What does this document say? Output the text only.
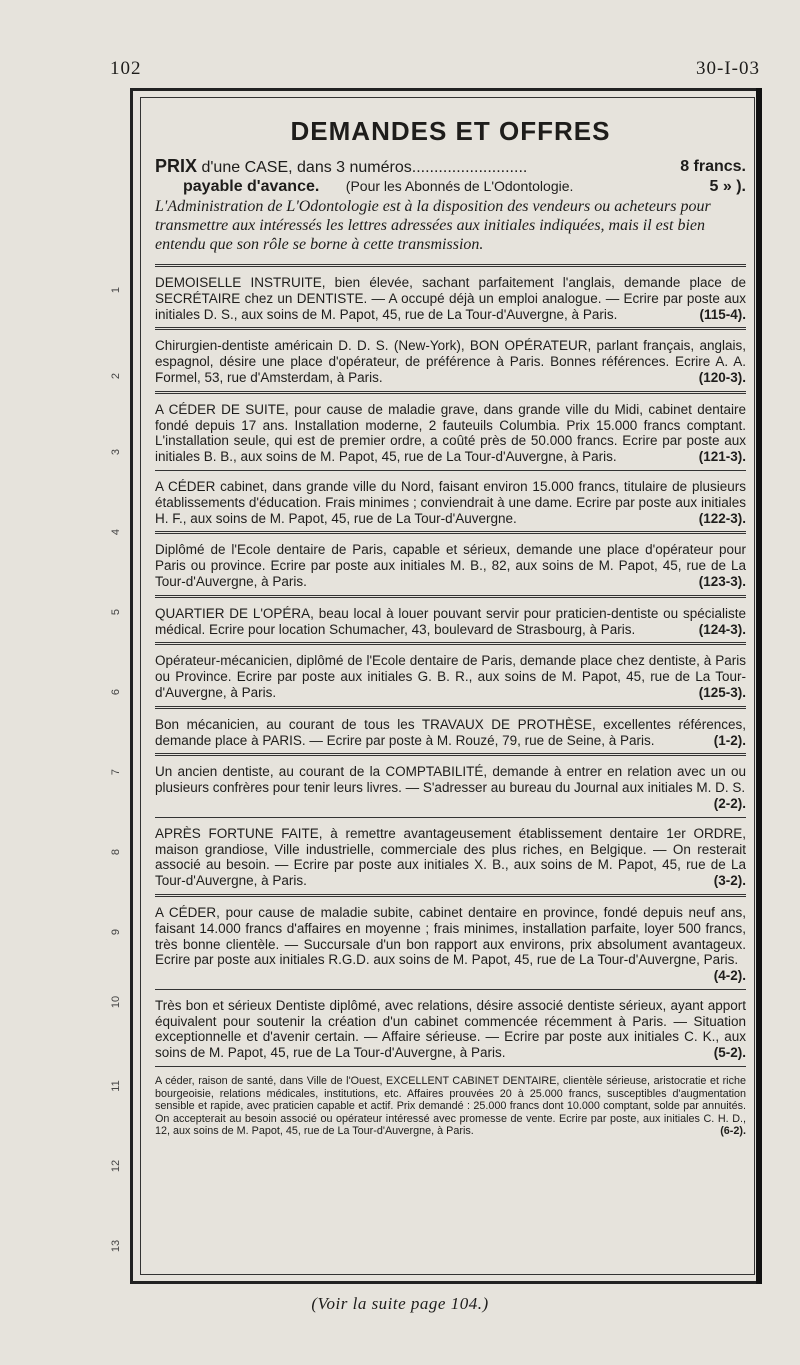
102	30-I-03
1
2
3
4
5
6
7
8
9
10
11
12
13
DEMANDES ET OFFRES
PRIX d'une CASE, dans 3 numéros..........................	8 francs.
payable d'avance. (Pour les Abonnés de L'Odontologie.	5 » ).
L'Administration de L'Odontologie est à la disposition des vendeurs ou acheteurs pour transmettre aux intéressés les lettres adressées aux initiales indiquées, mais il est bien entendu que son rôle se borne à cette transmission.
DEMOISELLE INSTRUITE, bien élevée, sachant parfaitement l'anglais, demande place de SECRÉTAIRE chez un DENTISTE. — A occupé déjà un emploi analogue. — Ecrire par poste aux initiales D. S., aux soins de M. Papot, 45, rue de La Tour-d'Auvergne, à Paris.	(115-4).
Chirurgien-dentiste américain D. D. S. (New-York), BON OPÉRATEUR, parlant français, anglais, espagnol, désire une place d'opérateur, de préférence à Paris. Bonnes références. Ecrire A. A. Formel, 53, rue d'Amsterdam, à Paris.	(120-3).
A CÉDER DE SUITE, pour cause de maladie grave, dans grande ville du Midi, cabinet dentaire fondé depuis 17 ans. Installation moderne, 2 fauteuils Columbia. Prix 15.000 francs comptant. L'installation seule, qui est de premier ordre, a coûté près de 50.000 francs. Ecrire par poste aux initiales B. B., aux soins de M. Papot, 45, rue de La Tour-d'Auvergne, à Paris.	(121-3).
A CÉDER cabinet, dans grande ville du Nord, faisant environ 15.000 francs, titulaire de plusieurs établissements d'éducation. Frais minimes ; conviendrait à une dame. Ecrire par poste aux initiales H. F., aux soins de M. Papot, 45, rue de La Tour-d'Auvergne.	(122-3).
Diplômé de l'Ecole dentaire de Paris, capable et sérieux, demande une place d'opérateur pour Paris ou province. Ecrire par poste aux initiales M. B., 82, aux soins de M. Papot, 45, rue de La Tour-d'Auvergne, à Paris.	(123-3).
QUARTIER DE L'OPÉRA, beau local à louer pouvant servir pour praticien-dentiste ou spécialiste médical. Ecrire pour location Schumacher, 43, boulevard de Strasbourg, à Paris.	(124-3).
Opérateur-mécanicien, diplômé de l'Ecole dentaire de Paris, demande place chez dentiste, à Paris ou Province. Ecrire par poste aux initiales G. B. R., aux soins de M. Papot, 45, rue de La Tour-d'Auvergne, à Paris.	(125-3).
Bon mécanicien, au courant de tous les TRAVAUX DE PROTHÈSE, excellentes références, demande place à PARIS. — Ecrire par poste à M. Rouzé, 79, rue de Seine, à Paris.	(1-2).
Un ancien dentiste, au courant de la COMPTABILITÉ, demande à entrer en relation avec un ou plusieurs confrères pour tenir leurs livres. — S'adresser au bureau du Journal aux initiales M. D. S.
(2-2).
APRÈS FORTUNE FAITE, à remettre avantageusement établissement dentaire 1er ORDRE, maison grandiose, Ville industrielle, commerciale des plus riches, en Belgique. — On resterait associé au besoin. — Ecrire par poste aux initiales X. B., aux soins de M. Papot, 45, rue de La Tour-d'Auvergne, à Paris.	(3-2).
A CÉDER, pour cause de maladie subite, cabinet dentaire en province, fondé depuis neuf ans, faisant 14.000 francs d'affaires en moyenne ; frais minimes, installation parfaite, loyer 500 francs, très bonne clientèle. — Succursale d'un bon rapport aux environs, prix absolument avantageux. Ecrire par poste aux initiales R.G.D. aux soins de M. Papot, 45, rue de La Tour-d'Auvergne, Paris.
(4-2).
Très bon et sérieux Dentiste diplômé, avec relations, désire associé dentiste sérieux, ayant apport équivalent pour soutenir la création d'un cabinet commencée récemment à Paris. — Situation exceptionnelle et d'avenir certain. — Affaire sérieuse. — Ecrire par poste aux initiales C. K., aux soins de M. Papot, 45, rue de La Tour-d'Auvergne, à Paris.	(5-2).
A céder, raison de santé, dans Ville de l'Ouest, EXCELLENT CABINET DENTAIRE, clientèle sérieuse, aristocratie et riche bourgeoisie, relations médicales, institutions, etc. Affaires prouvées 20 à 25.000 francs, susceptibles d'augmentation sensible et rapide, avec praticien capable et actif. Prix demandé : 25.000 francs dont 10.000 comptant, solde par annuités. On accepterait au besoin associé ou opérateur intéressé avec promesse de vente. Ecrire par poste, aux initiales C. H. D., 12, aux soins de M. Papot, 45, rue de La Tour-d'Auvergne, à Paris.	(6-2).
(Voir la suite page 104.)
